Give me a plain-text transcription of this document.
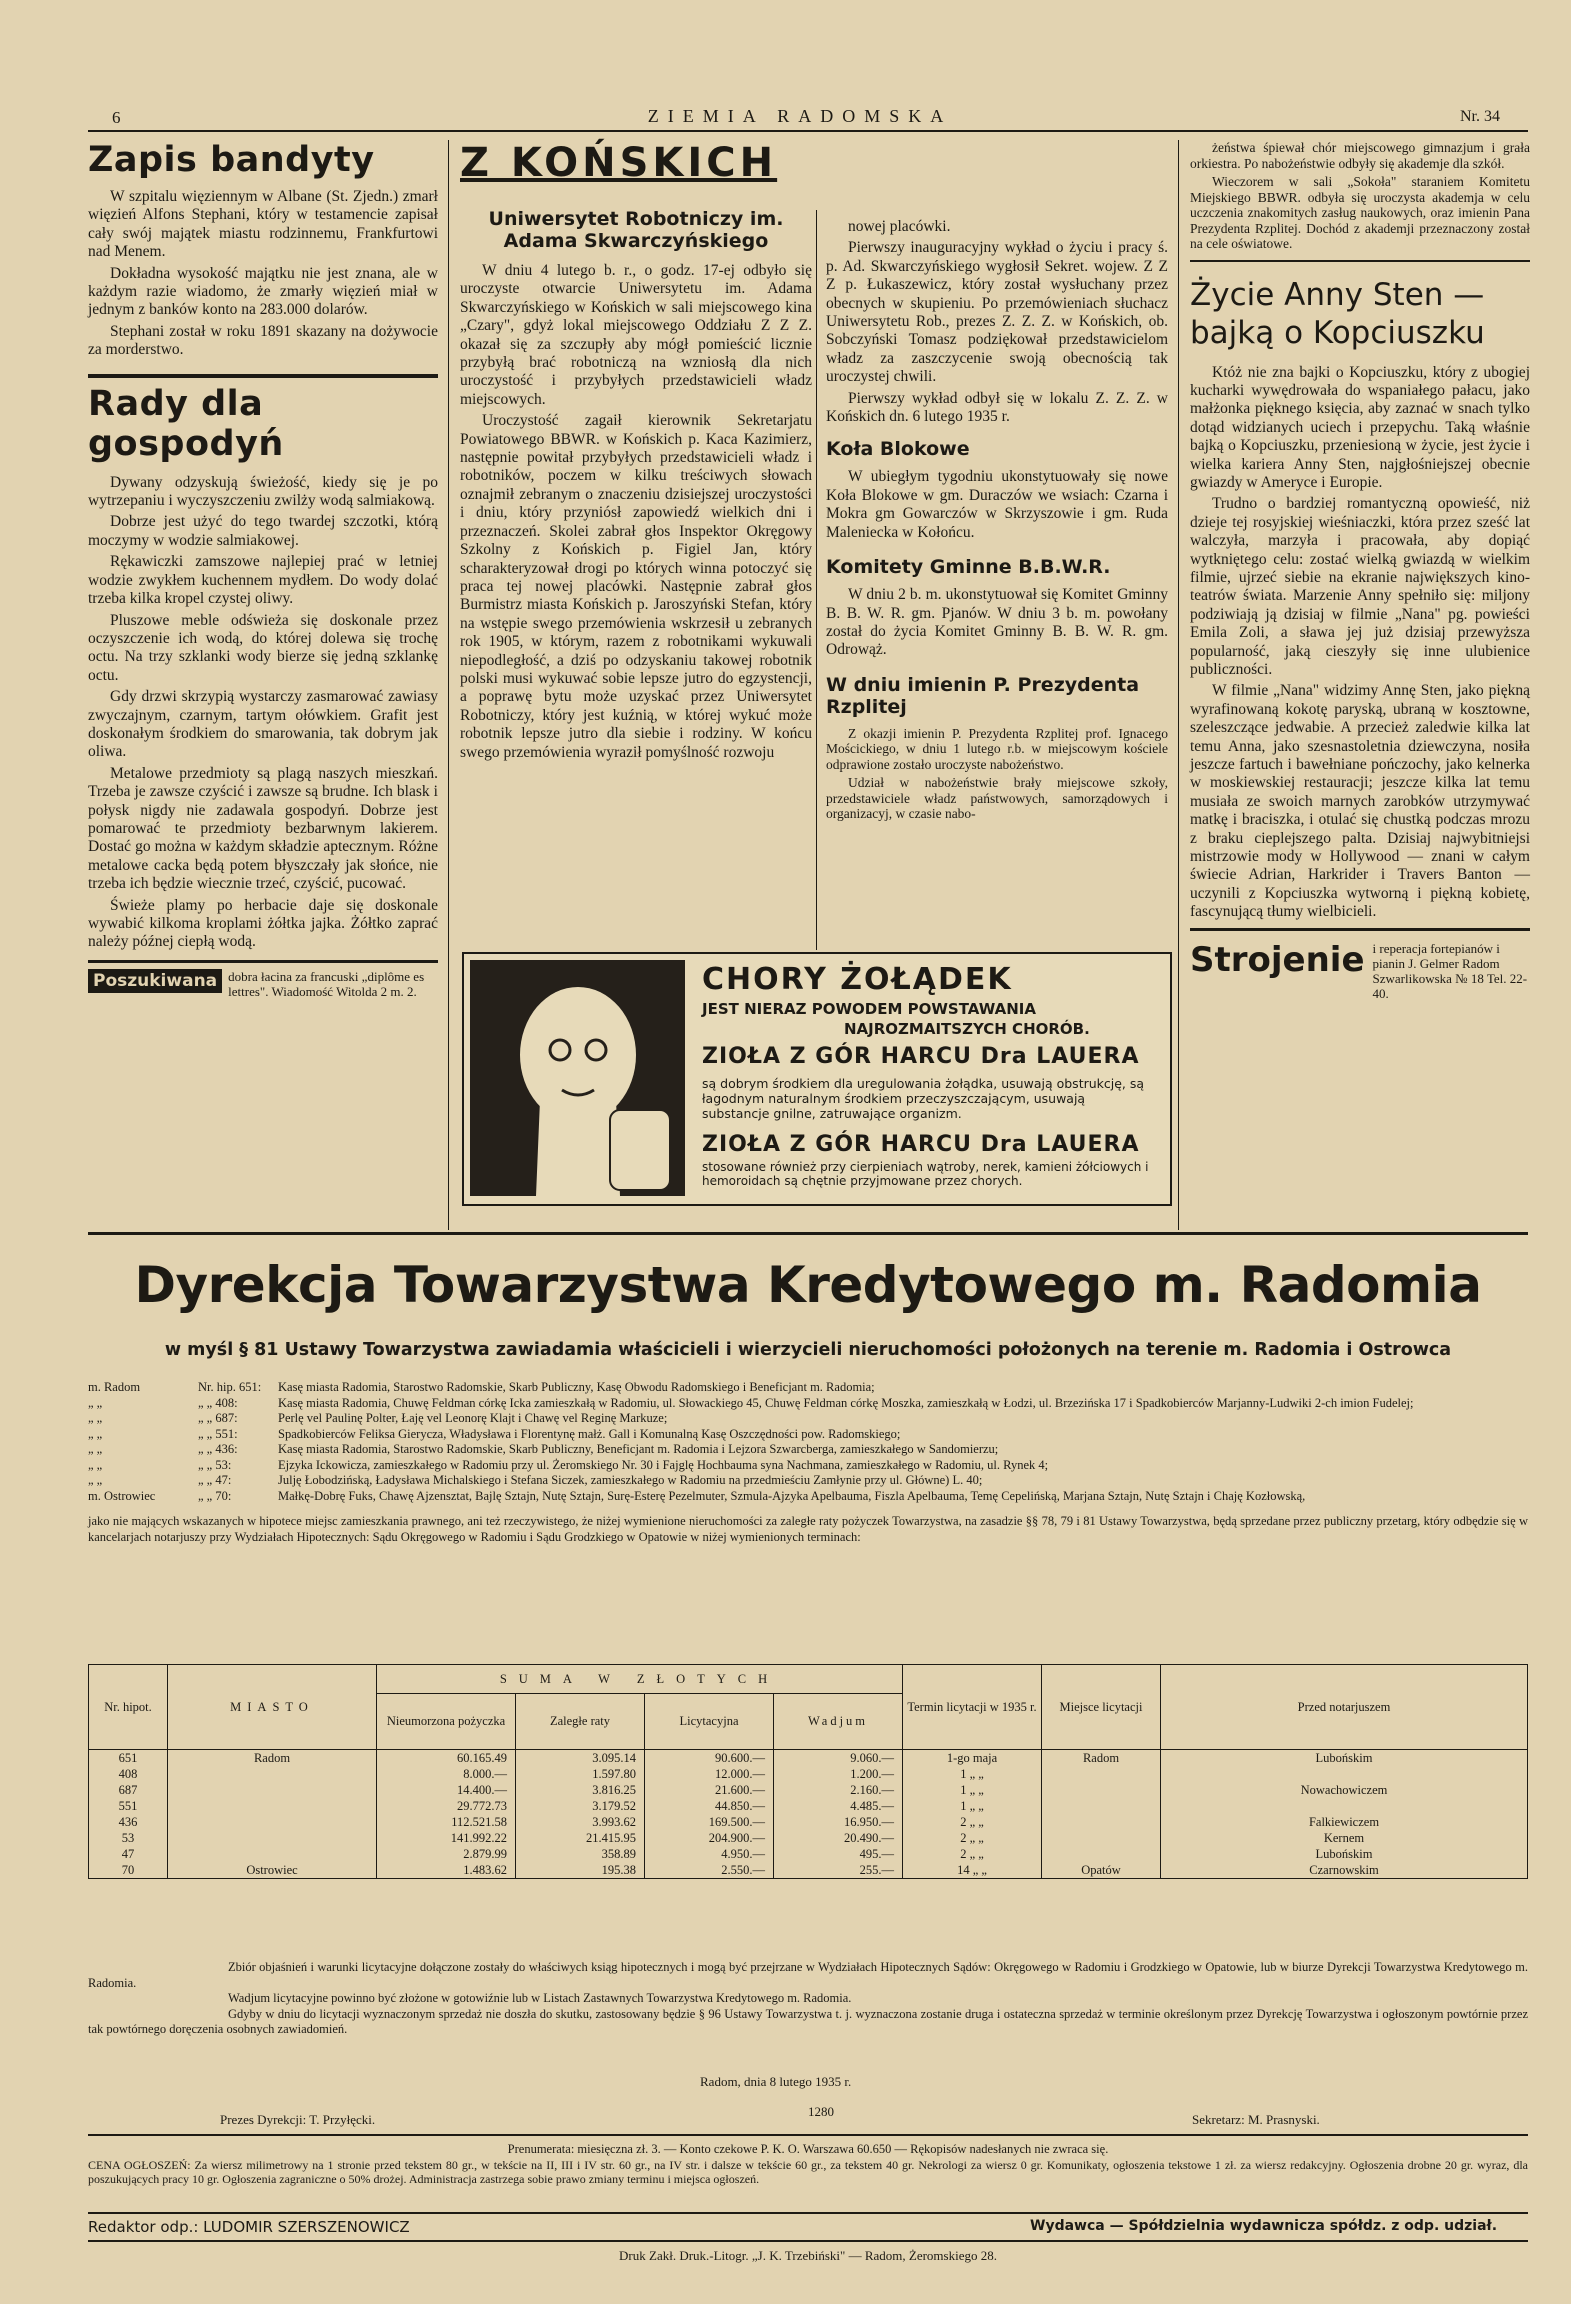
6	ZIEMIA RADOMSKA	Nr. 34
Zapis bandyty

W szpitalu więziennym w Albane (St. Zjedn.) zmarł więzień Alfons Stephani, który w testamencie zapisał cały swój majątek miastu rodzinnemu, Frankfurtowi nad Menem.

Dokładna wysokość majątku nie jest znana, ale w każdym razie wiadomo, że zmarły więzień miał w jednym z banków konto na 283.000 dolarów.

Stephani został w roku 1891 skazany na dożywocie za morderstwo.

Rady dla gospodyń

Dywany odzyskują świeżość, kiedy się je po wytrzepaniu i wyczyszczeniu zwilży wodą salmiakową.

Dobrze jest użyć do tego twardej szczotki, którą moczymy w wodzie salmiakowej.

Rękawiczki zamszowe najlepiej prać w letniej wodzie zwykłem kuchennem mydłem. Do wody dolać trzeba kilka kropel czystej oliwy.

Pluszowe meble odświeża się doskonale przez oczyszczenie ich wodą, do której dolewa się trochę octu. Na trzy szklanki wody bierze się jedną szklankę octu.

Gdy drzwi skrzypią wystarczy zasmarować zawiasy zwyczajnym, czarnym, tartym ołówkiem. Grafit jest doskonałym środkiem do smarowania, tak dobrym jak oliwa.

Metalowe przedmioty są plagą naszych mieszkań. Trzeba je zawsze czyścić i zawsze są brudne. Ich blask i połysk nigdy nie zadawala gospodyń. Dobrze jest pomarować te przedmioty bezbarwnym lakierem. Dostać go można w każdym składzie aptecznym. Różne metalowe cacka będą potem błyszczały jak słońce, nie trzeba ich będzie wiecznie trzeć, czyścić, pucować.

Świeże plamy po herbacie daje się doskonale wywabić kilkoma kroplami żółtka jajka. Żółtko zaprać należy późnej ciepłą wodą.

Poszukiwana dobra łacina za francuski „diplôme es lettres". Wiadomość Witolda 2 m. 2.
Z KOŃSKICH
Uniwersytet Robotniczy im. Adama Skwarczyńskiego

W dniu 4 lutego b. r., o godz. 17-ej odbyło się uroczyste otwarcie Uniwersytetu im. Adama Skwarczyńskiego w Końskich w sali miejscowego kina „Czary", gdyż lokal miejscowego Oddziału Z Z Z. okazał się za szczupły aby mógł pomieścić licznie przybyłą brać robotniczą na wzniosłą dla nich uroczystość i przybyłych przedstawicieli władz miejscowych.

Uroczystość zagaił kierownik Sekretarjatu Powiatowego BBWR. w Końskich p. Kaca Kazimierz, następnie powitał przybyłych przedstawicieli władz i robotników, poczem w kilku treściwych słowach oznajmił zebranym o znaczeniu dzisiejszej uroczystości i dniu, który przyniósł zapowiedź wielkich dni i przeznaczeń. Skolei zabrał głos Inspektor Okręgowy Szkolny z Końskich p. Figiel Jan, który scharakteryzował drogi po których winna potoczyć się praca tej nowej placówki. Następnie zabrał głos Burmistrz miasta Końskich p. Jaroszyński Stefan, który na wstępie swego przemówienia wskrzesił u zebranych rok 1905, w którym, razem z robotnikami wykuwali niepodległość, a dziś po odzyskaniu takowej robotnik polski musi wykuwać sobie lepsze jutro do egzystencji, a poprawę bytu może uzyskać przez Uniwersytet Robotniczy, który jest kuźnią, w której wykuć może robotnik lepsze jutro dla siebie i rodziny. W końcu swego przemówienia wyraził pomyślność rozwoju

nowej placówki.

Pierwszy inauguracyjny wykład o życiu i pracy ś. p. Ad. Skwarczyńskiego wygłosił Sekret. wojew. Z Z Z p. Łukaszewicz, który został wysłuchany przez obecnych w skupieniu. Po przemówieniach słuchacz Uniwersytetu Rob., prezes Z. Z. Z. w Końskich, ob. Sobczyński Tomasz podziękował przedstawicielom władz za zaszczycenie swoją obecnością tak uroczystej chwili.

Pierwszy wykład odbył się w lokalu Z. Z. Z. w Końskich dn. 6 lutego 1935 r.

Koła Blokowe

W ubiegłym tygodniu ukonstytuowały się nowe Koła Blokowe w gm. Duraczów we wsiach: Czarna i Mokra gm Gowarczów w Skrzyszowie i gm. Ruda Maleniecka w Kołońcu.

Komitety Gminne B.B.W.R.

W dniu 2 b. m. ukonstytuował się Komitet Gminny B. B. W. R. gm. Pjanów. W dniu 3 b. m. powołany został do życia Komitet Gminny B. B. W. R. gm. Odrowąż.

W dniu imienin P. Prezydenta Rzplitej

Z okazji imienin P. Prezydenta Rzplitej prof. Ignacego Mościckiego, w dniu 1 lutego r.b. w miejscowym kościele odprawione zostało uroczyste nabożeństwo.

Udział w nabożeństwie brały miejscowe szkoły, przedstawiciele władz państwowych, samorządowych i organizacyj, w czasie nabo-

żeństwa śpiewał chór miejscowego gimnazjum i grała orkiestra. Po nabożeństwie odbyły się akademje dla szkół.

Wieczorem w sali „Sokoła" staraniem Komitetu Miejskiego BBWR. odbyła się uroczysta akademja w celu uczczenia znakomitych zasług naukowych, oraz imienin Pana Prezydenta Rzplitej. Dochód z akademji przeznaczony został na cele oświatowe.

Życie Anny Sten — bajką o Kopciuszku

Któż nie zna bajki o Kopciuszku, który z ubogiej kucharki wywędrowała do wspaniałego pałacu, jako małżonka pięknego księcia, aby zaznać w snach tylko dotąd widzianych uciech i przepychu. Taką właśnie bajką o Kopciuszku, przeniesioną w życie, jest życie i wielka kariera Anny Sten, najgłośniejszej obecnie gwiazdy w Ameryce i Europie.

Trudno o bardziej romantyczną opowieść, niż dzieje tej rosyjskiej wieśniaczki, która przez sześć lat walczyła, marzyła i pracowała, aby dopiąć wytkniętego celu: zostać wielką gwiazdą w wielkim filmie, ujrzeć siebie na ekranie największych kino-teatrów świata. Marzenie Anny spełniło się: miljony podziwiają ją dzisiaj w filmie „Nana" pg. powieści Emila Zoli, a sława jej już dzisiaj przewyższa popularność, jaką cieszyły się inne ulubienice publiczności.

W filmie „Nana" widzimy Annę Sten, jako piękną wyrafinowaną kokotę paryską, ubraną w kosztowne, szeleszczące jedwabie. A przecież zaledwie kilka lat temu Anna, jako szesnastoletnia dziewczyna, nosiła jeszcze fartuch i bawełniane pończochy, jako kelnerka w moskiewskiej restauracji; jeszcze kilka lat temu musiała ze swoich marnych zarobków utrzymywać matkę i braciszka, i otulać się chustką podczas mrozu z braku cieplejszego palta. Dzisiaj najwybitniejsi mistrzowie mody w Hollywood — znani w całym świecie Adrian, Harkrider i Travers Banton — uczynili z Kopciuszka wytworną i piękną kobietę, fascynującą tłumy wielbicieli.

Strojenie i reperacja fortepianów i pianin J. Gelmer Radom Szwarlikowska № 18 Tel. 22-40.
CHORY ŻOŁĄDEK
JEST NIERAZ POWODEM POWSTAWANIA
NAJROZMAITSZYCH CHORÓB.
ZIOŁA Z GÓR HARCU Dra LAUERA
są dobrym środkiem dla uregulowania żołądka, usuwają obstrukcję, są łagodnym naturalnym środkiem przeczyszczającym, usuwają substancje gnilne, zatruwające organizm.
ZIOŁA Z GÓR HARCU Dra LAUERA
stosowane również przy cierpieniach wątroby, nerek, kamieni żółciowych i hemoroidach są chętnie przyjmowane przez chorych.
Dyrekcja Towarzystwa Kredytowego m. Radomia
w myśl § 81 Ustawy Towarzystwa zawiadamia właścicieli i wierzycieli nieruchomości położonych na terenie m. Radomia i Ostrowca
m. Radom	Nr. hip. 651:	Kasę miasta Radomia, Starostwo Radomskie, Skarb Publiczny, Kasę Obwodu Radomskiego i Beneficjant m. Radomia;
„ „	„ „ 408:	Kasę miasta Radomia, Chuwę Feldman córkę Icka zamieszkałą w Radomiu, ul. Słowackiego 45, Chuwę Feldman córkę Moszka, zamieszkałą w Łodzi, ul. Brzezińska 17 i Spadkobierców Marjanny-Ludwiki 2-ch imion Fudelej;
„ „	„ „ 687:	Perlę vel Paulinę Polter, Łaję vel Leonorę Klajt i Chawę vel Reginę Markuze;
„ „	„ „ 551:	Spadkobierców Feliksa Gierycza, Władysława i Florentynę małż. Gall i Komunalną Kasę Oszczędności pow. Radomskiego;
„ „	„ „ 436:	Kasę miasta Radomia, Starostwo Radomskie, Skarb Publiczny, Beneficjant m. Radomia i Lejzora Szwarcberga, zamieszkałego w Sandomierzu;
„ „	„ „ 53:	Ejzyka Ickowicza, zamieszkałego w Radomiu przy ul. Żeromskiego Nr. 30 i Fajglę Hochbauma syna Nachmana, zamieszkałego w Radomiu, ul. Rynek 4;
„ „	„ „ 47:	Julję Łobodzińską, Ładysława Michalskiego i Stefana Siczek, zamieszkałego w Radomiu na przedmieściu Zamłynie przy ul. Główne) L. 40;
m. Ostrowiec	„ „ 70:	Małkę-Dobrę Fuks, Chawę Ajzensztat, Bajlę Sztajn, Nutę Sztajn, Surę-Esterę Pezelmuter, Szmula-Ajzyka Apelbauma, Fiszla Apelbauma, Temę Cepelińską, Marjana Sztajn, Nutę Sztajn i Chaję Kozłowską,
jako nie mających wskazanych w hipotece miejsc zamieszkania prawnego, ani też rzeczywistego, że niżej wymienione nieruchomości za zaległe raty pożyczek Towarzystwa, na zasadzie §§ 78, 79 i 81 Ustawy Towarzystwa, będą sprzedane przez publiczny przetarg, który odbędzie się w kancelarjach notarjuszy przy Wydziałach Hipotecznych: Sądu Okręgowego w Radomiu i Sądu Grodzkiego w Opatowie w niżej wymienionych terminach:
Nr. hipot.	MIASTO	SUMA W ZŁOTYCH				Termin licytacji w 1935 r.	Miejsce licytacji	Przed notarjuszem
		Nieumorzona pożyczka	Zaległe raty	Licytacyjna	Wadjum			
651	Radom	60.165.49	3.095.14	90.600.—	9.060.—	1-go maja	Radom	Lubońskim
408		8.000.—	1.597.80	12.000.—	1.200.—	1 „ „		
687		14.400.—	3.816.25	21.600.—	2.160.—	1 „ „		Nowachowiczem
551		29.772.73	3.179.52	44.850.—	4.485.—	1 „ „		
436		112.521.58	3.993.62	169.500.—	16.950.—	2 „ „		Falkiewiczem
53		141.992.22	21.415.95	204.900.—	20.490.—	2 „ „		Kernem
47		2.879.99	358.89	4.950.—	495.—	2 „ „		Lubońskim
70	Ostrowiec	1.483.62	195.38	2.550.—	255.—	14 „ „	Opatów	Czarnowskim
Zbiór objaśnień i warunki licytacyjne dołączone zostały do właściwych ksiąg hipotecznych i mogą być przejrzane w Wydziałach Hipotecznych Sądów: Okręgowego w Radomiu i Grodzkiego w Opatowie, lub w biurze Dyrekcji Towarzystwa Kredytowego m. Radomia.
Wadjum licytacyjne powinno być złożone w gotowiźnie lub w Listach Zastawnych Towarzystwa Kredytowego m. Radomia.
Gdyby w dniu do licytacji wyznaczonym sprzedaż nie doszła do skutku, zastosowany będzie § 96 Ustawy Towarzystwa t. j. wyznaczona zostanie druga i ostateczna sprzedaż w terminie określonym przez Dyrekcję Towarzystwa i ogłoszonym powtórnie przez tak powtórnego doręczenia osobnych zawiadomień.
Radom, dnia 8 lutego 1935 r.
Prezes Dyrekcji: T. Przyłęcki.
1280
Sekretarz: M. Prasnyski.
Prenumerata: miesięczna zł. 3. — Konto czekowe P. K. O. Warszawa 60.650 — Rękopisów nadesłanych nie zwraca się.
CENA OGŁOSZEŃ: Za wiersz milimetrowy na 1 stronie przed tekstem 80 gr., w tekście na II, III i IV str. 60 gr., na IV str. i dalsze w tekście 60 gr., za tekstem 40 gr. Nekrologi za wiersz 0 gr. Komunikaty, ogłoszenia tekstowe 1 zł. za wiersz redakcyjny. Ogłoszenia drobne 20 gr. wyraz, dla poszukujących pracy 10 gr. Ogłoszenia zagraniczne o 50% drożej. Administracja zastrzega sobie prawo zmiany terminu i miejsca ogłoszeń.
Redaktor odp.: LUDOMIR SZERSZENOWICZ	Wydawca — Spółdzielnia wydawnicza spółdz. z odp. udział.
Druk Zakł. Druk.-Litogr. „J. K. Trzebiński" — Radom, Żeromskiego 28.
